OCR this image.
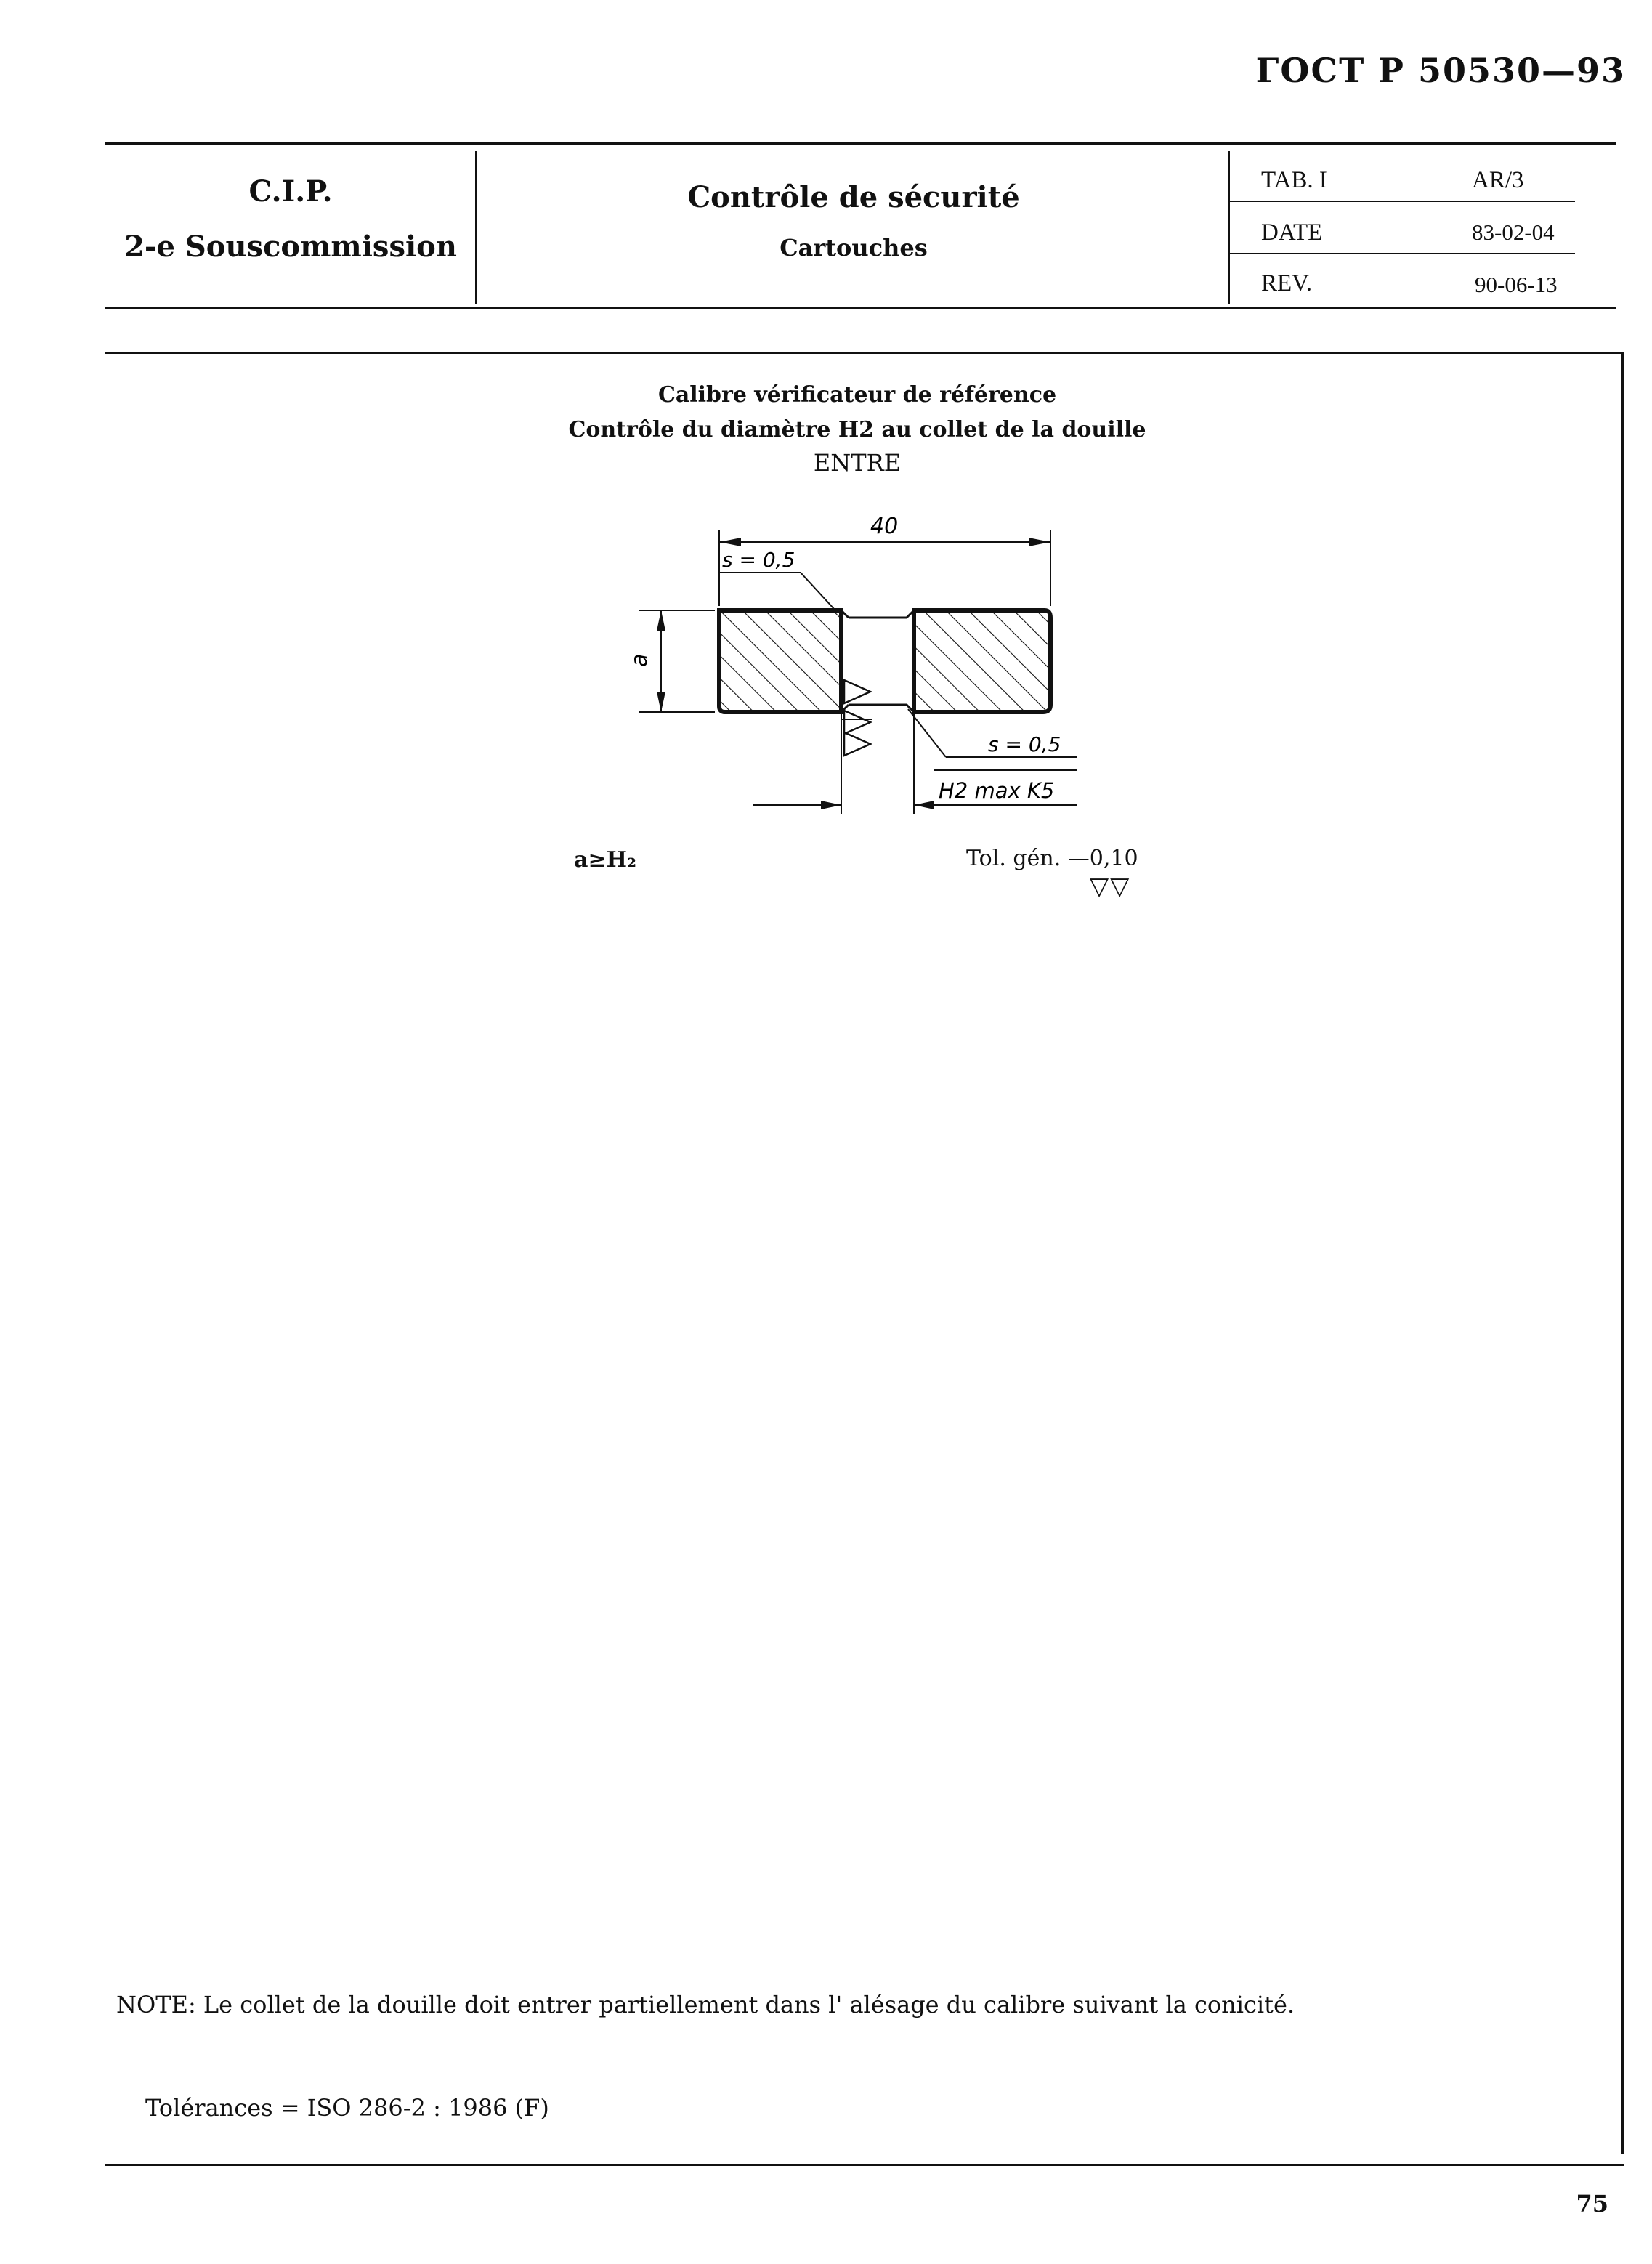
ГОСТ Р 50530—93
C.I.P.
2-e Souscommission
Contrôle de sécurité
Cartouches
TAB. I	AR/3
DATE	83-02-04
REV.	90-06-13
Calibre vérificateur de référence
Contrôle du diamètre H2 au collet de la douille
ENTRE
40
s = 0,5
a
H2 max K5
s = 0,5
a≥H₂	Tol. gén. —0,10
▽▽
NOTE: Le collet de la douille doit entrer partiellement dans l' alésage du calibre suivant la conicité.
Tolérances = ISO 286-2 : 1986 (F)
75
